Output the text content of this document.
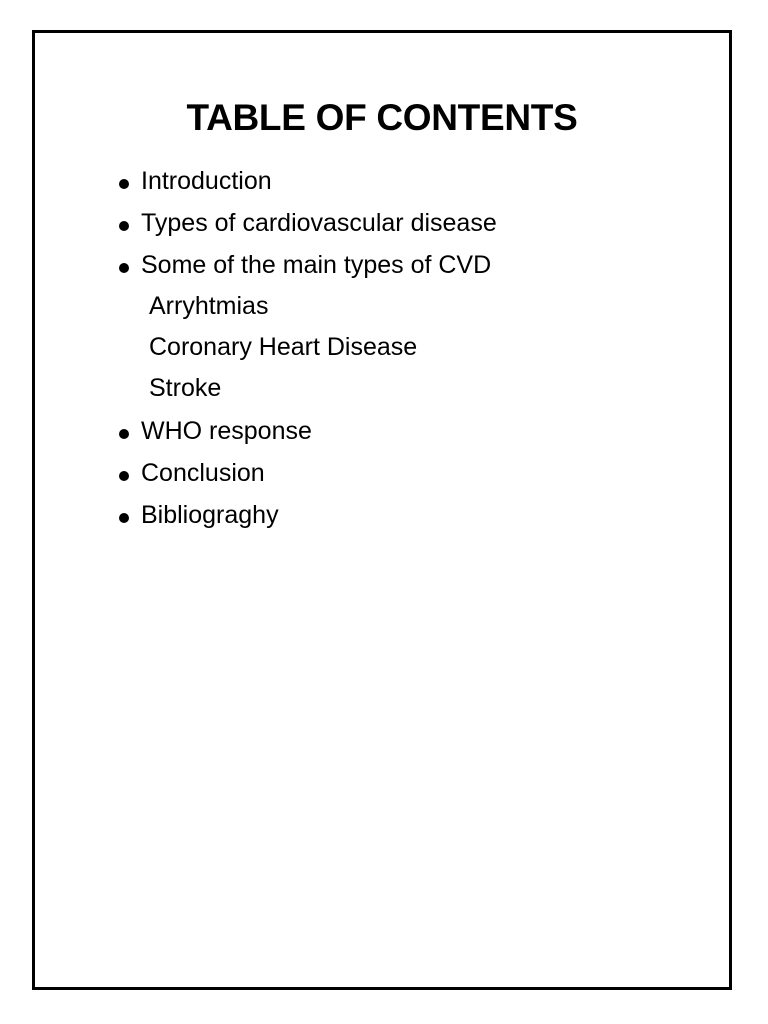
TABLE OF CONTENTS
Introduction
Types of cardiovascular disease
Some of the main types of CVD
Arryhtmias
Coronary Heart Disease
Stroke
WHO response
Conclusion
Bibliograghy
